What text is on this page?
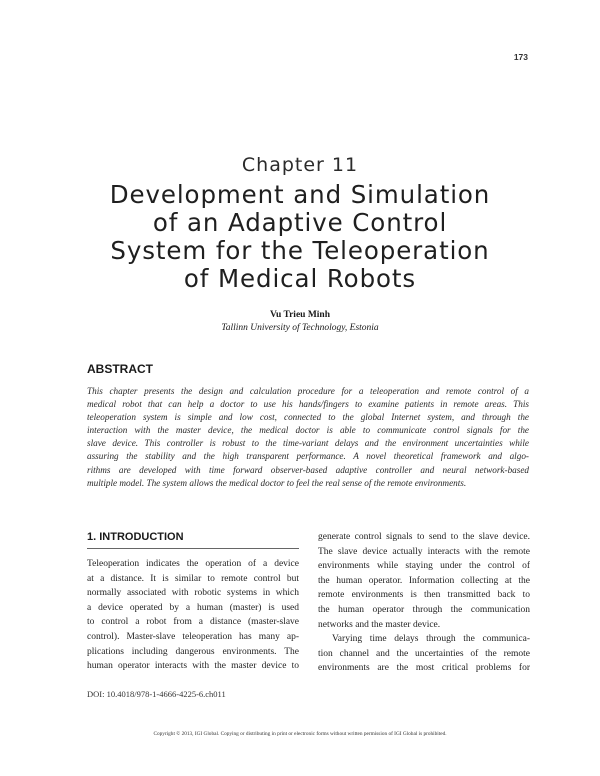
173
Chapter 11
Development and Simulation
of an Adaptive Control
System for the Teleoperation
of Medical Robots
Vu Trieu Minh
Tallinn University of Technology, Estonia
ABSTRACT
This chapter presents the design and calculation procedure for a teleoperation and remote control of a
medical robot that can help a doctor to use his hands/fingers to examine patients in remote areas. This
teleoperation system is simple and low cost, connected to the global Internet system, and through the
interaction with the master device, the medical doctor is able to communicate control signals for the
slave device. This controller is robust to the time-variant delays and the environment uncertainties while
assuring the stability and the high transparent performance. A novel theoretical framework and algo-
rithms are developed with time forward observer-based adaptive controller and neural network-based
multiple model. The system allows the medical doctor to feel the real sense of the remote environments.
1. INTRODUCTION
Teleoperation indicates the operation of a device
at a distance. It is similar to remote control but
normally associated with robotic systems in which
a device operated by a human (master) is used
to control a robot from a distance (master-slave
control). Master-slave teleoperation has many ap-
plications including dangerous environments. The
human operator interacts with the master device to
generate control signals to send to the slave device.
The slave device actually interacts with the remote
environments while staying under the control of
the human operator. Information collecting at the
remote environments is then transmitted back to
the human operator through the communication
networks and the master device.
Varying time delays through the communica-
tion channel and the uncertainties of the remote
environments are the most critical problems for
DOI: 10.4018/978-1-4666-4225-6.ch011
Copyright © 2013, IGI Global. Copying or distributing in print or electronic forms without written permission of IGI Global is prohibited.
